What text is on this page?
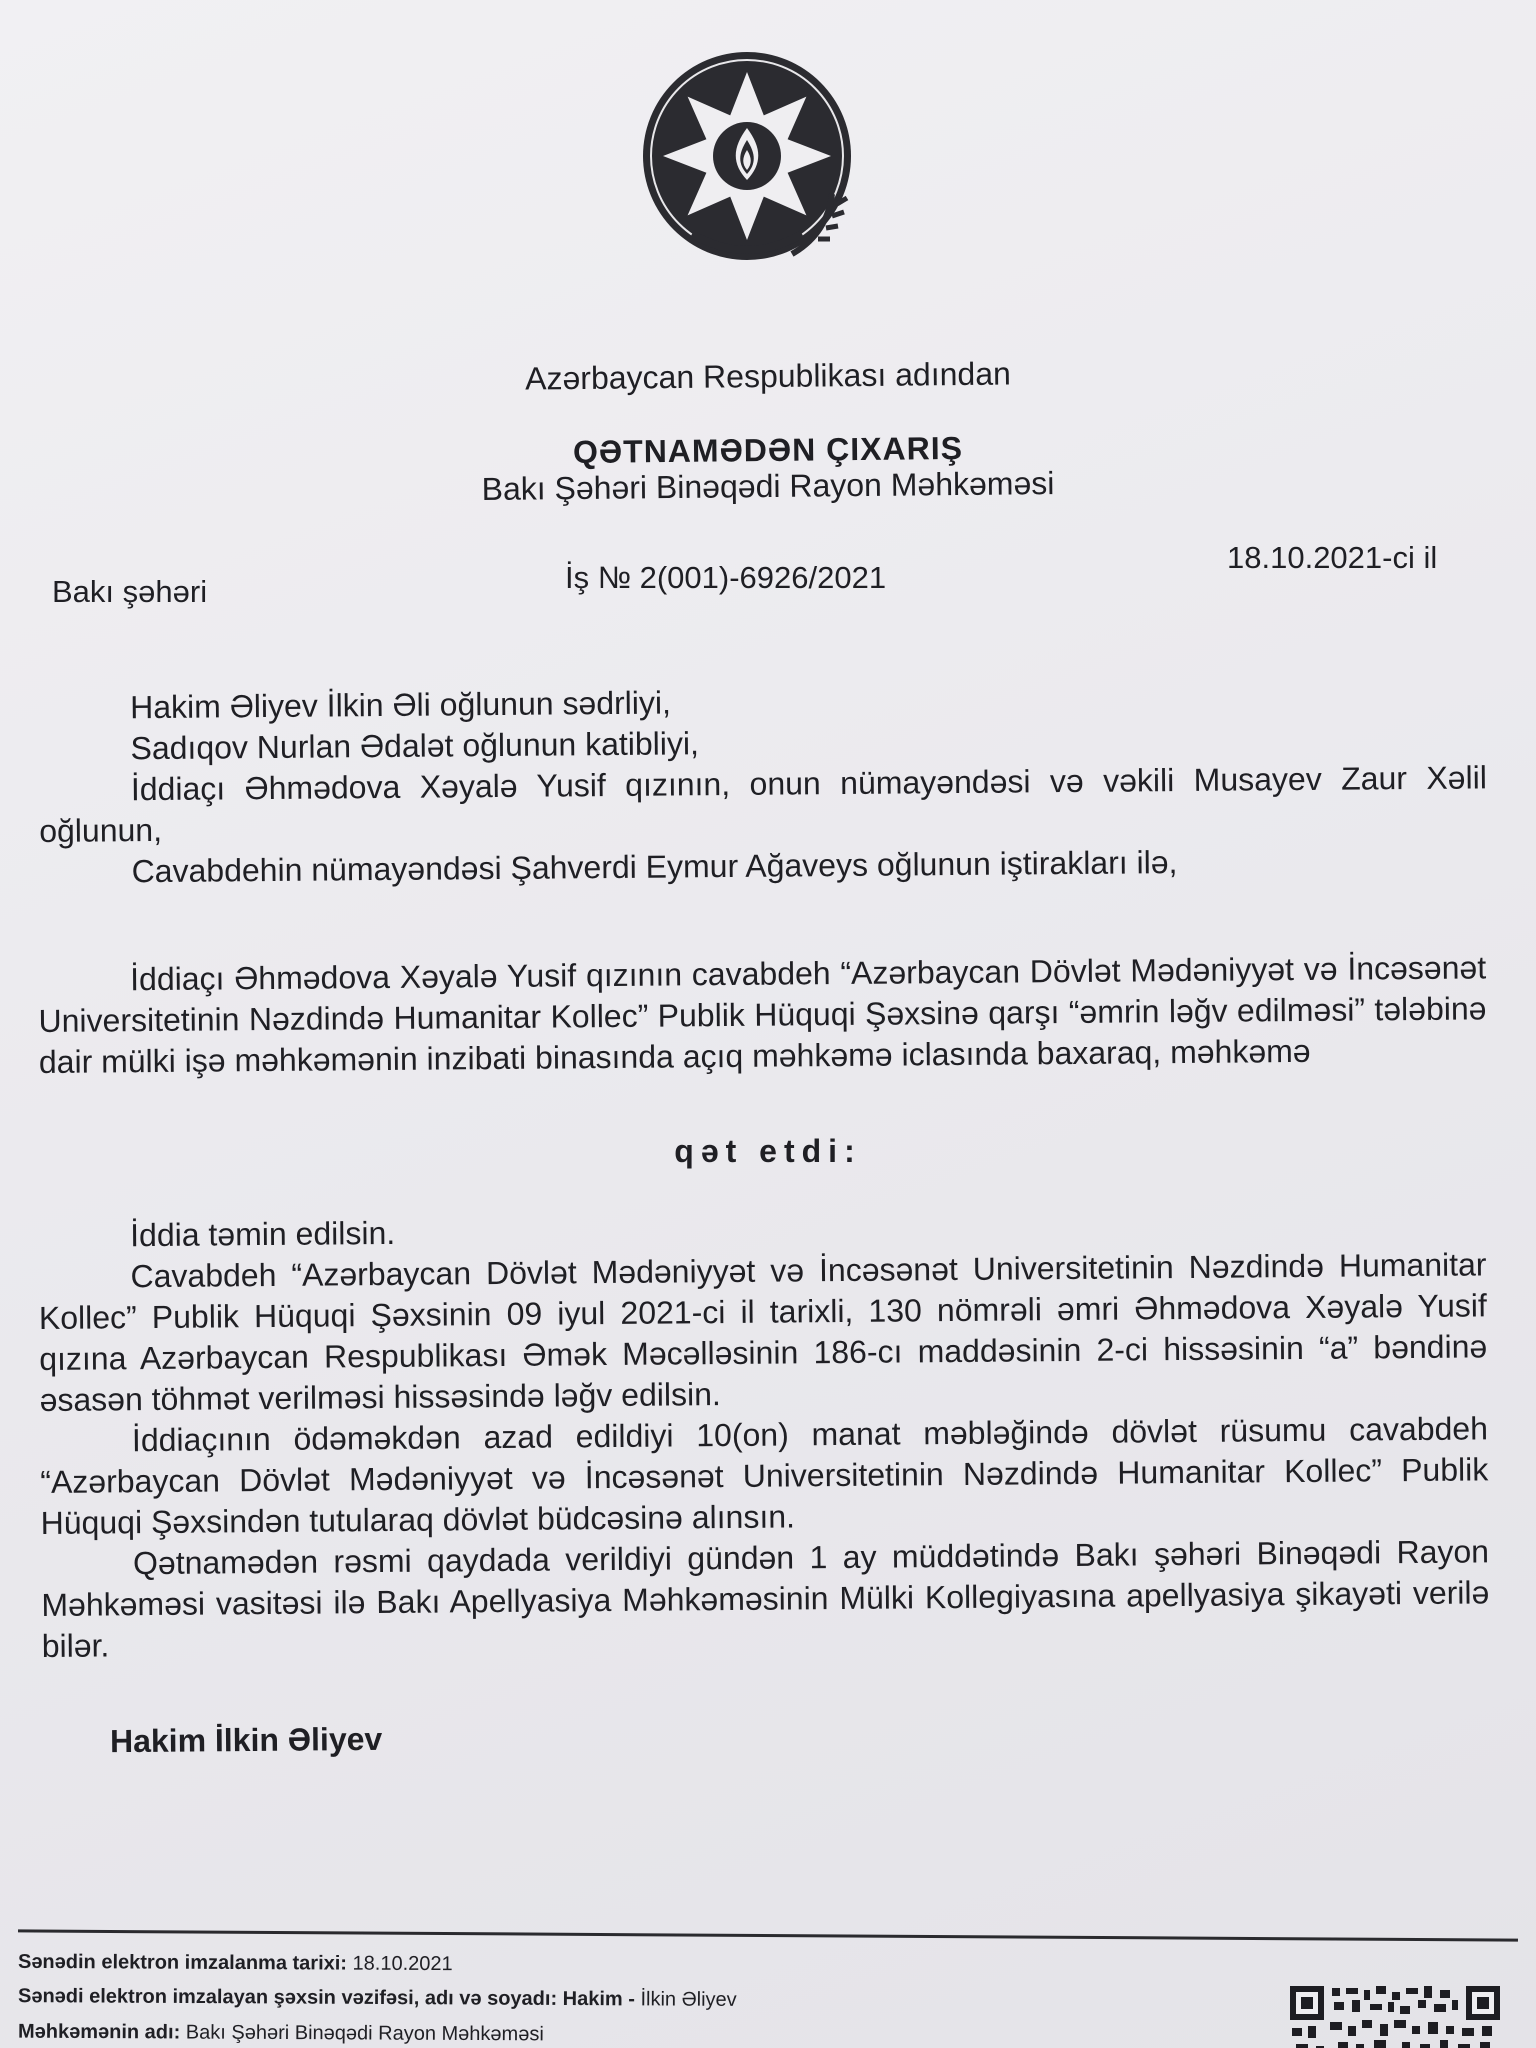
Azərbaycan Respublikası adından
QƏTNAMƏDƏN ÇIXARIŞ
Bakı Şəhəri Binəqədi Rayon Məhkəməsi
Bakı şəhəri	İş № 2(001)-6926/2021
18.10.2021-ci il

Hakim Əliyev İlkin Əli oğlunun sədrliyi,

Sadıqov Nurlan Ədalət oğlunun katibliyi,

İddiaçı Əhmədova Xəyalə Yusif qızının, onun nümayəndəsi və vəkili Musayev Zaur Xəlil oğlunun,

Cavabdehin nümayəndəsi Şahverdi Eymur Ağaveys oğlunun iştirakları ilə,

İddiaçı Əhmədova Xəyalə Yusif qızının cavabdeh “Azərbaycan Dövlət Mədəniyyət və İncəsənət Universitetinin Nəzdində Humanitar Kollec” Publik Hüquqi Şəxsinə qarşı “əmrin ləğv edilməsi” tələbinə dair mülki işə məhkəmənin inzibati binasında açıq məhkəmə iclasında baxaraq, məhkəmə

qət etdi:

İddia təmin edilsin.

Cavabdeh “Azərbaycan Dövlət Mədəniyyət və İncəsənət Universitetinin Nəzdində Humanitar Kollec” Publik Hüquqi Şəxsinin 09 iyul 2021-ci il tarixli, 130 nömrəli əmri Əhmədova Xəyalə Yusif qızına Azərbaycan Respublikası Əmək Məcəlləsinin 186-cı maddəsinin 2-ci hissəsinin “a” bəndinə əsasən töhmət verilməsi hissəsində ləğv edilsin.

İddiaçının ödəməkdən azad edildiyi 10(on) manat məbləğində dövlət rüsumu cavabdeh “Azərbaycan Dövlət Mədəniyyət və İncəsənət Universitetinin Nəzdində Humanitar Kollec” Publik Hüquqi Şəxsindən tutularaq dövlət büdcəsinə alınsın.

Qətnamədən rəsmi qaydada verildiyi gündən 1 ay müddətində Bakı şəhəri Binəqədi Rayon Məhkəməsi vasitəsi ilə Bakı Apellyasiya Məhkəməsinin Mülki Kollegiyasına apellyasiya şikayəti verilə bilər.

Hakim İlkin Əliyev
Sənədin elektron imzalanma tarixi: 18.10.2021
Sənədi elektron imzalayan şəxsin vəzifəsi, adı və soyadı: Hakim - İlkin Əliyev
Məhkəmənin adı: Bakı Şəhəri Binəqədi Rayon Məhkəməsi
